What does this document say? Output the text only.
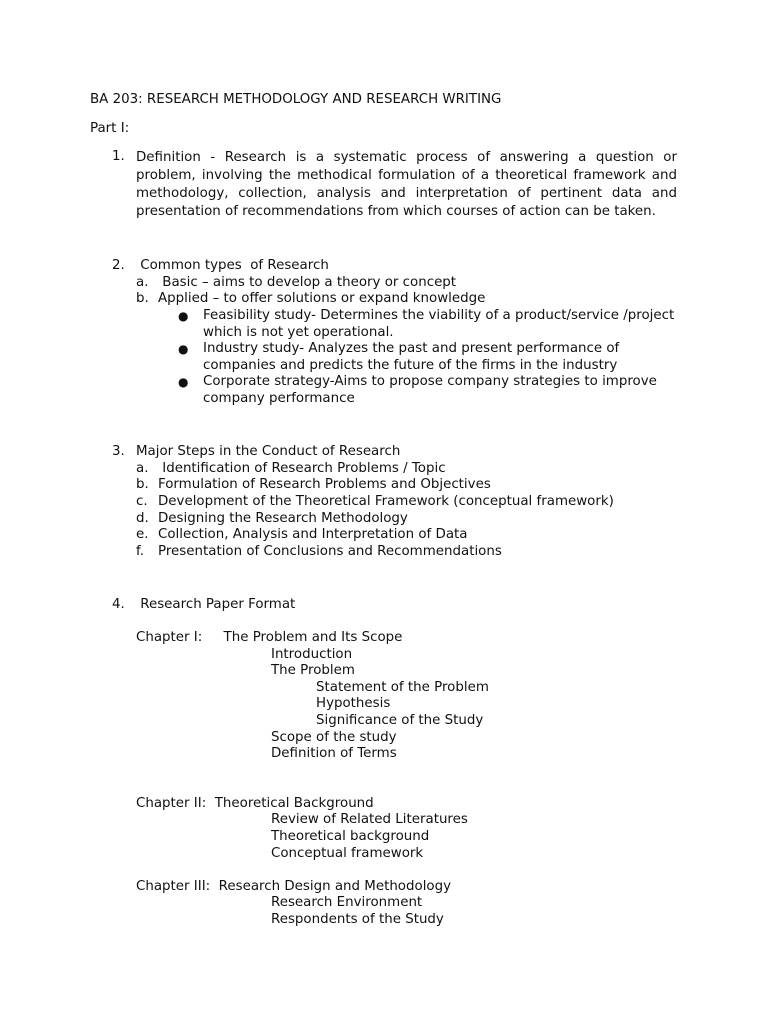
BA 203: RESEARCH METHODOLOGY AND RESEARCH WRITING
Part I:
1. Definition - Research is a systematic process of answering a question or problem, involving the methodical formulation of a theoretical framework and methodology, collection, analysis and interpretation of pertinent data and presentation of recommendations from which courses of action can be taken.

2. Common types  of Research
a. Basic – aims to develop a theory or concept
b. Applied – to offer solutions or expand knowledge
● Feasibility study- Determines the viability of a product/service /project which is not yet operational.
● Industry study- Analyzes the past and present performance of companies and predicts the future of the firms in the industry
● Corporate strategy-Aims to propose company strategies to improve company performance
3. Major Steps in the Conduct of Research
a. Identification of Research Problems / Topic
b. Formulation of Research Problems and Objectives
c. Development of the Theoretical Framework (conceptual framework)
d. Designing the Research Methodology
e. Collection, Analysis and Interpretation of Data
f. Presentation of Conclusions and Recommendations
4. Research Paper Format
Chapter I:     The Problem and Its Scope
Introduction
The Problem
Statement of the Problem
Hypothesis
Significance of the Study
Scope of the study
Definition of Terms
Chapter II:  Theoretical Background
Review of Related Literatures
Theoretical background
Conceptual framework
Chapter III:  Research Design and Methodology
Research Environment
Respondents of the Study
